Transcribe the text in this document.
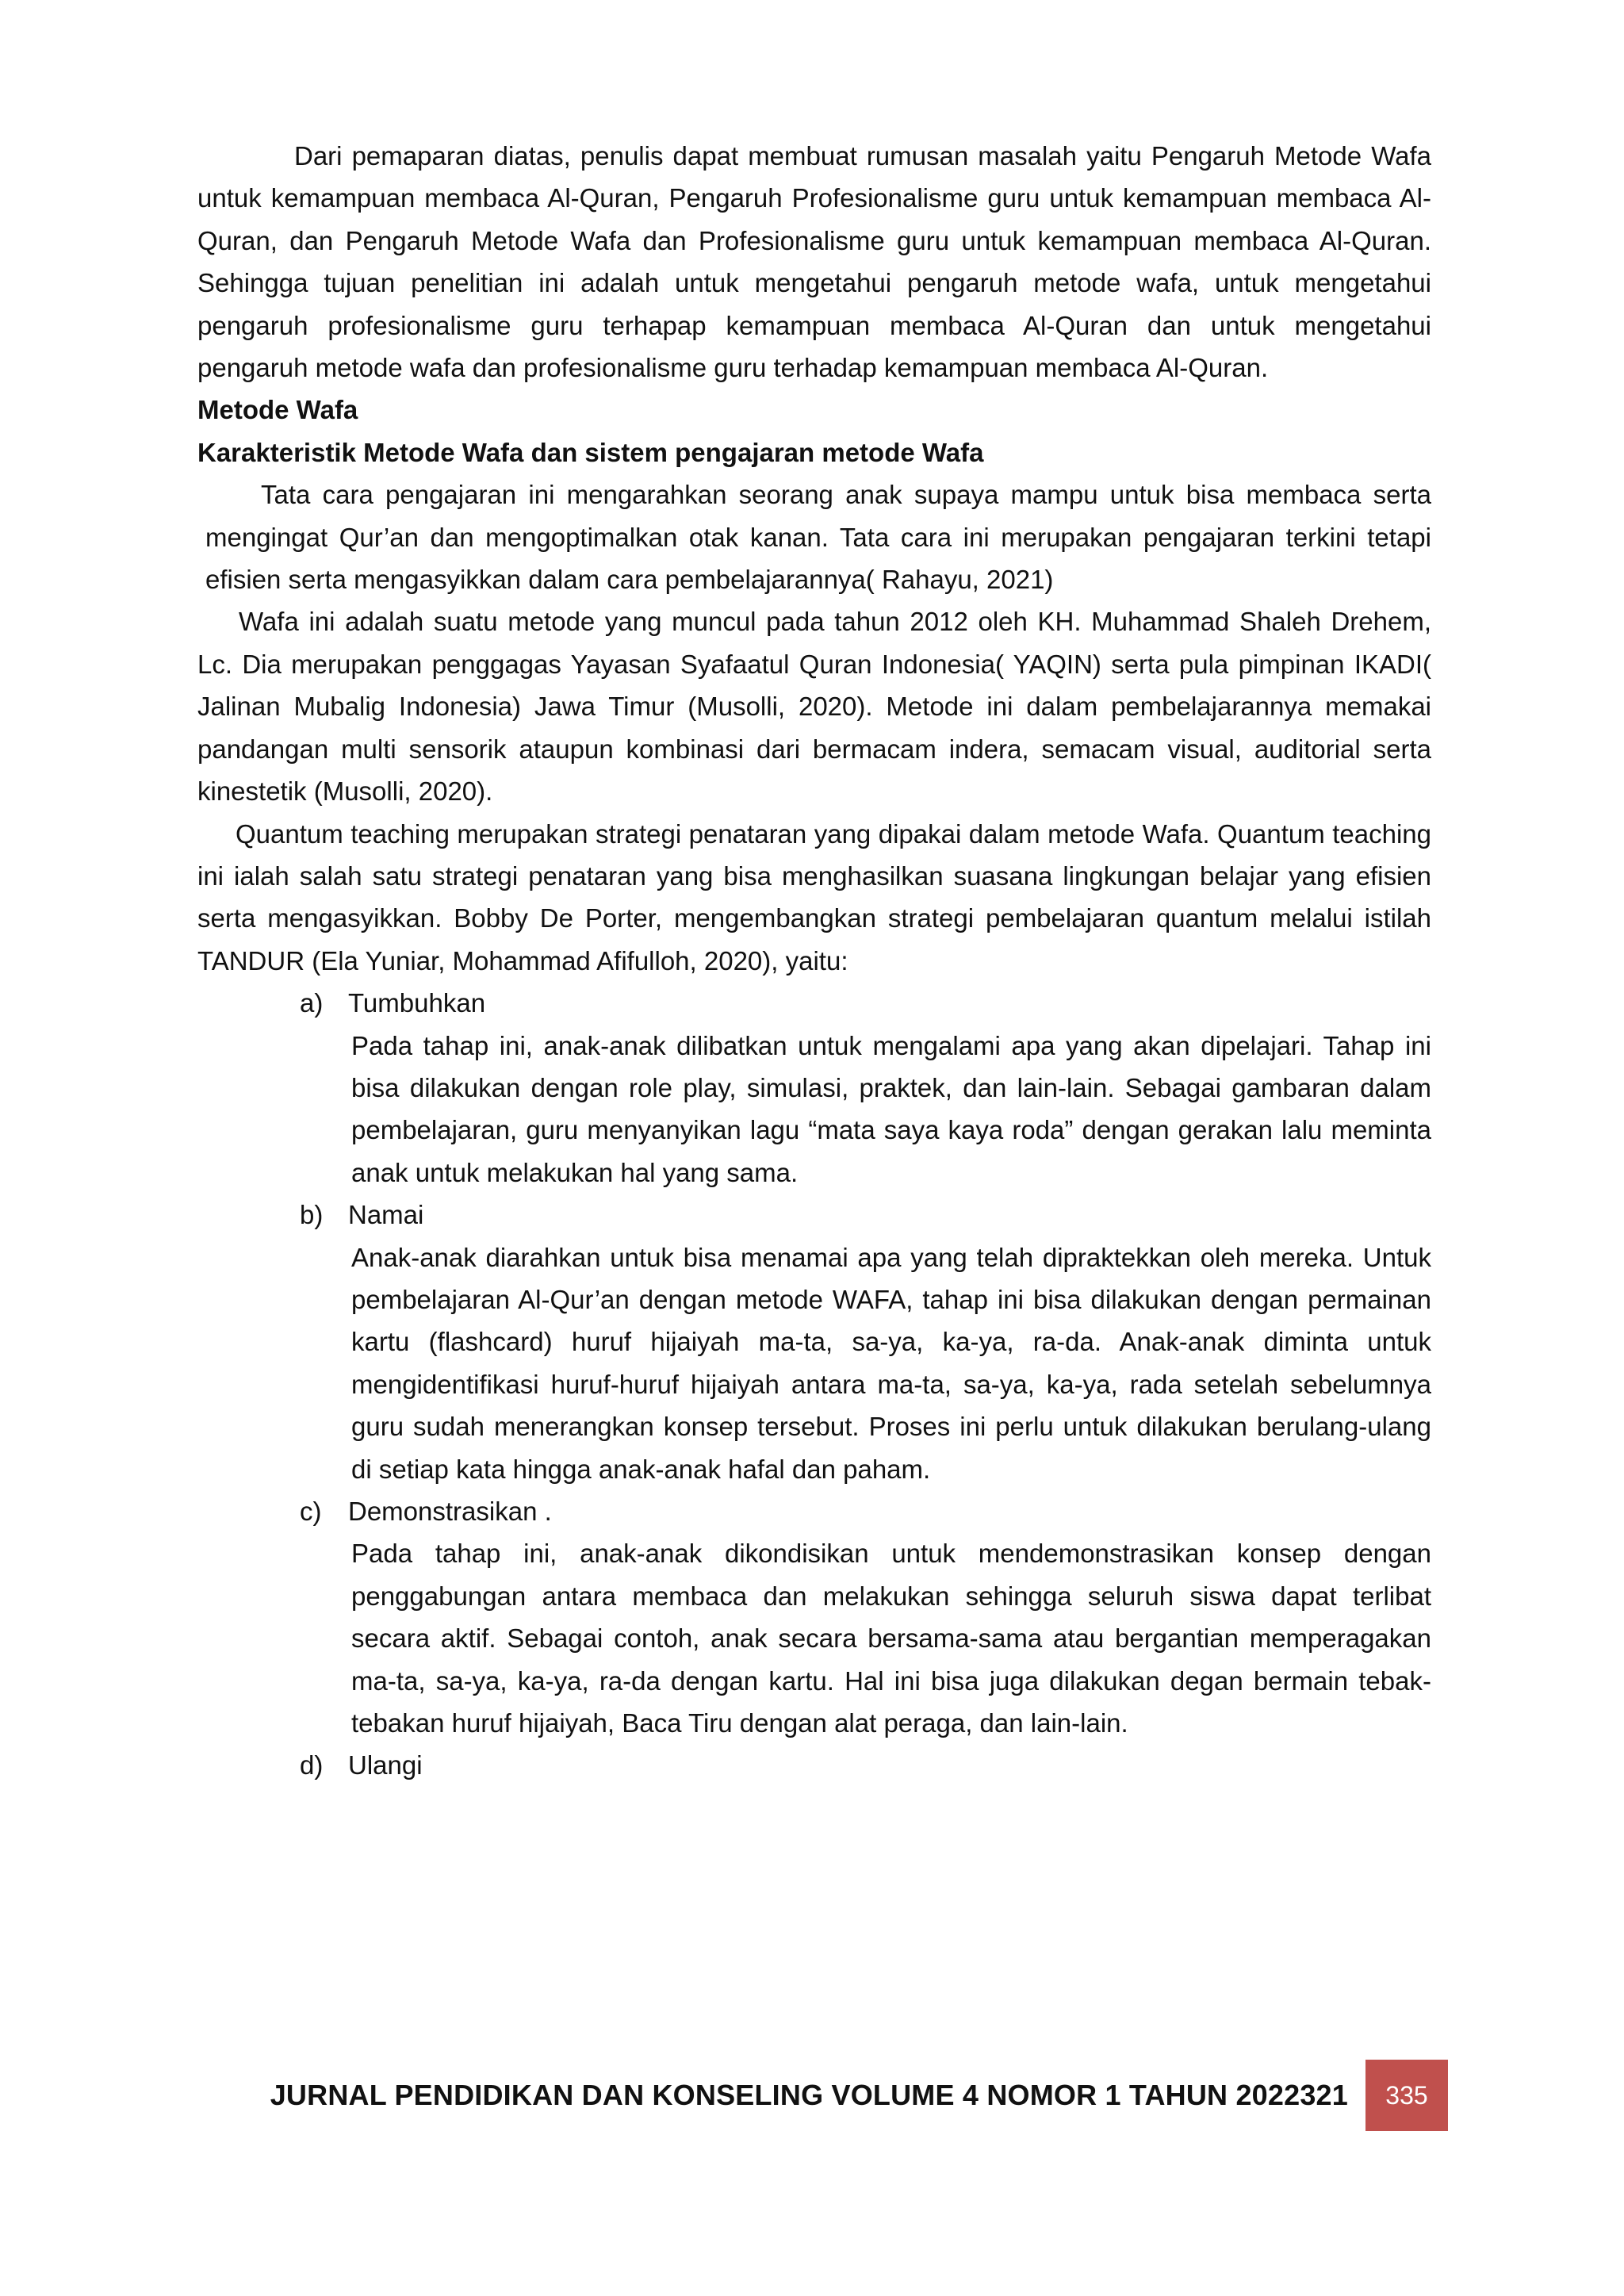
Dari pemaparan diatas, penulis dapat membuat rumusan masalah yaitu Pengaruh Metode Wafa untuk kemampuan membaca Al-Quran, Pengaruh Profesionalisme guru untuk kemampuan membaca Al-Quran, dan Pengaruh Metode Wafa dan Profesionalisme guru untuk kemampuan membaca Al-Quran. Sehingga tujuan penelitian ini adalah untuk mengetahui pengaruh metode wafa, untuk mengetahui pengaruh profesionalisme guru terhapap kemampuan membaca Al-Quran dan untuk mengetahui pengaruh metode wafa dan profesionalisme guru terhadap kemampuan membaca Al-Quran.

Metode Wafa

Karakteristik Metode Wafa dan sistem pengajaran metode Wafa

Tata cara pengajaran ini mengarahkan seorang anak supaya mampu untuk bisa membaca serta mengingat Qur’an dan mengoptimalkan otak kanan. Tata cara ini merupakan pengajaran terkini tetapi efisien serta mengasyikkan dalam cara pembelajarannya( Rahayu, 2021)

Wafa ini adalah suatu metode yang muncul pada tahun 2012 oleh KH. Muhammad Shaleh Drehem, Lc. Dia merupakan penggagas Yayasan Syafaatul Quran Indonesia( YAQIN) serta pula pimpinan IKADI( Jalinan Mubalig Indonesia) Jawa Timur (Musolli, 2020). Metode ini dalam pembelajarannya memakai pandangan multi sensorik ataupun kombinasi dari bermacam indera, semacam visual, auditorial serta kinestetik (Musolli, 2020).

Quantum teaching merupakan strategi penataran yang dipakai dalam metode Wafa. Quantum teaching ini ialah salah satu strategi penataran yang bisa menghasilkan suasana lingkungan belajar yang efisien serta mengasyikkan. Bobby De Porter, mengembangkan strategi pembelajaran quantum melalui istilah TANDUR (Ela Yuniar, Mohammad Afifulloh, 2020), yaitu:

a) Tumbuhkan

Pada tahap ini, anak-anak dilibatkan untuk mengalami apa yang akan dipelajari. Tahap ini bisa dilakukan dengan role play, simulasi, praktek, dan lain-lain. Sebagai gambaran dalam pembelajaran, guru menyanyikan lagu “mata saya kaya roda” dengan gerakan lalu meminta anak untuk melakukan hal yang sama.

b) Namai

Anak-anak diarahkan untuk bisa menamai apa yang telah dipraktekkan oleh mereka. Untuk pembelajaran Al-Qur’an dengan metode WAFA, tahap ini bisa dilakukan dengan permainan kartu (flashcard) huruf hijaiyah ma-ta, sa-ya, ka-ya, ra-da. Anak-anak diminta untuk mengidentifikasi huruf-huruf hijaiyah antara ma-ta, sa-ya, ka-ya, rada setelah sebelumnya guru sudah menerangkan konsep tersebut. Proses ini perlu untuk dilakukan berulang-ulang di setiap kata hingga anak-anak hafal dan paham.

c)	Demonstrasikan .

Pada tahap ini, anak-anak dikondisikan untuk mendemonstrasikan konsep dengan penggabungan antara membaca dan melakukan sehingga seluruh siswa dapat terlibat secara aktif. Sebagai contoh, anak secara bersama-sama atau bergantian memperagakan ma-ta, sa-ya, ka-ya, ra-da dengan kartu. Hal ini bisa juga dilakukan degan bermain tebak-tebakan huruf hijaiyah, Baca Tiru dengan alat peraga, dan lain-lain.

d) Ulangi
JURNAL PENDIDIKAN DAN KONSELING VOLUME 4 NOMOR 1 TAHUN 2022321	335
